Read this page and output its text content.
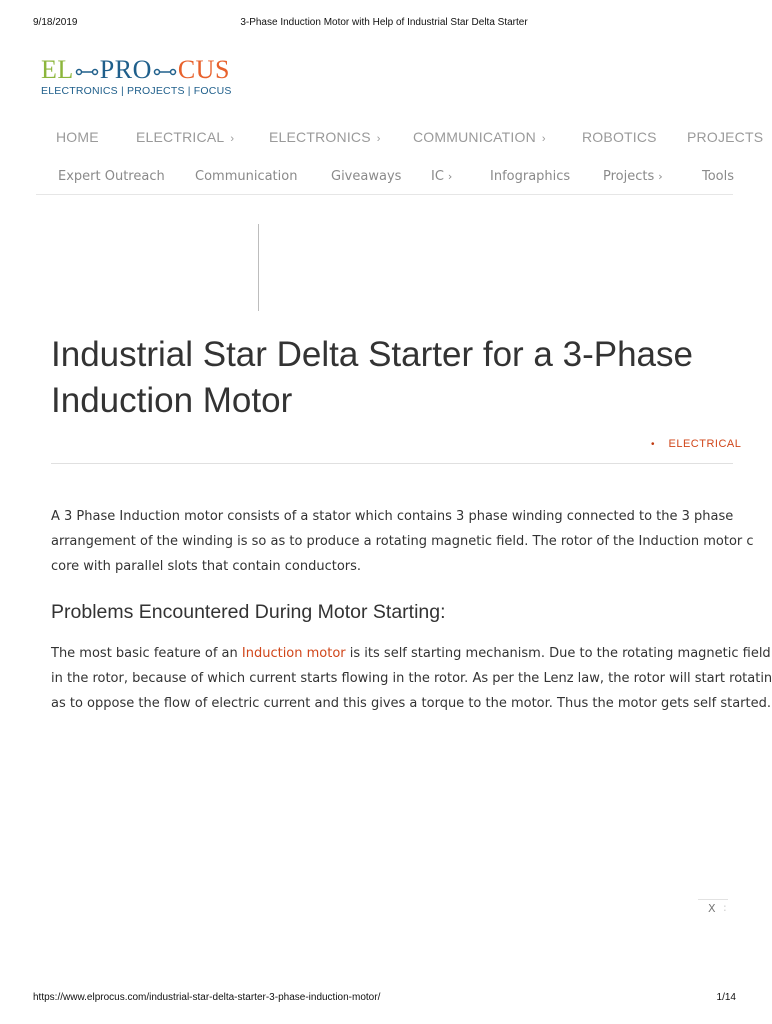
9/18/2019	3-Phase Induction Motor with Help of Industrial Star Delta Starter
EL PRO CUS
ELECTRONICS | PROJECTS | FOCUS
HOME	ELECTRICAL › ELECTRONICS › COMMUNICATION ›	ROBOTICS PROJECTS
Expert Outreach Communication	Giveaways IC ›	Infographics	Projects ›	Tools
Industrial Star Delta Starter for a 3-Phase
Induction Motor
• ELECTRICAL
A 3 Phase Induction motor consists of a stator which contains 3 phase winding connected to the 3 phase
arrangement of the winding is so as to produce a rotating magnetic field. The rotor of the Induction motor c
core with parallel slots that contain conductors.
Problems Encountered During Motor Starting:
The most basic feature of an Induction motor is its self starting mechanism. Due to the rotating magnetic field
in the rotor, because of which current starts flowing in the rotor. As per the Lenz law, the rotor will start rotatin
as to oppose the flow of electric current and this gives a torque to the motor. Thus the motor gets self started.
X :
https://www.elprocus.com/industrial-star-delta-starter-3-phase-induction-motor/	1/14
